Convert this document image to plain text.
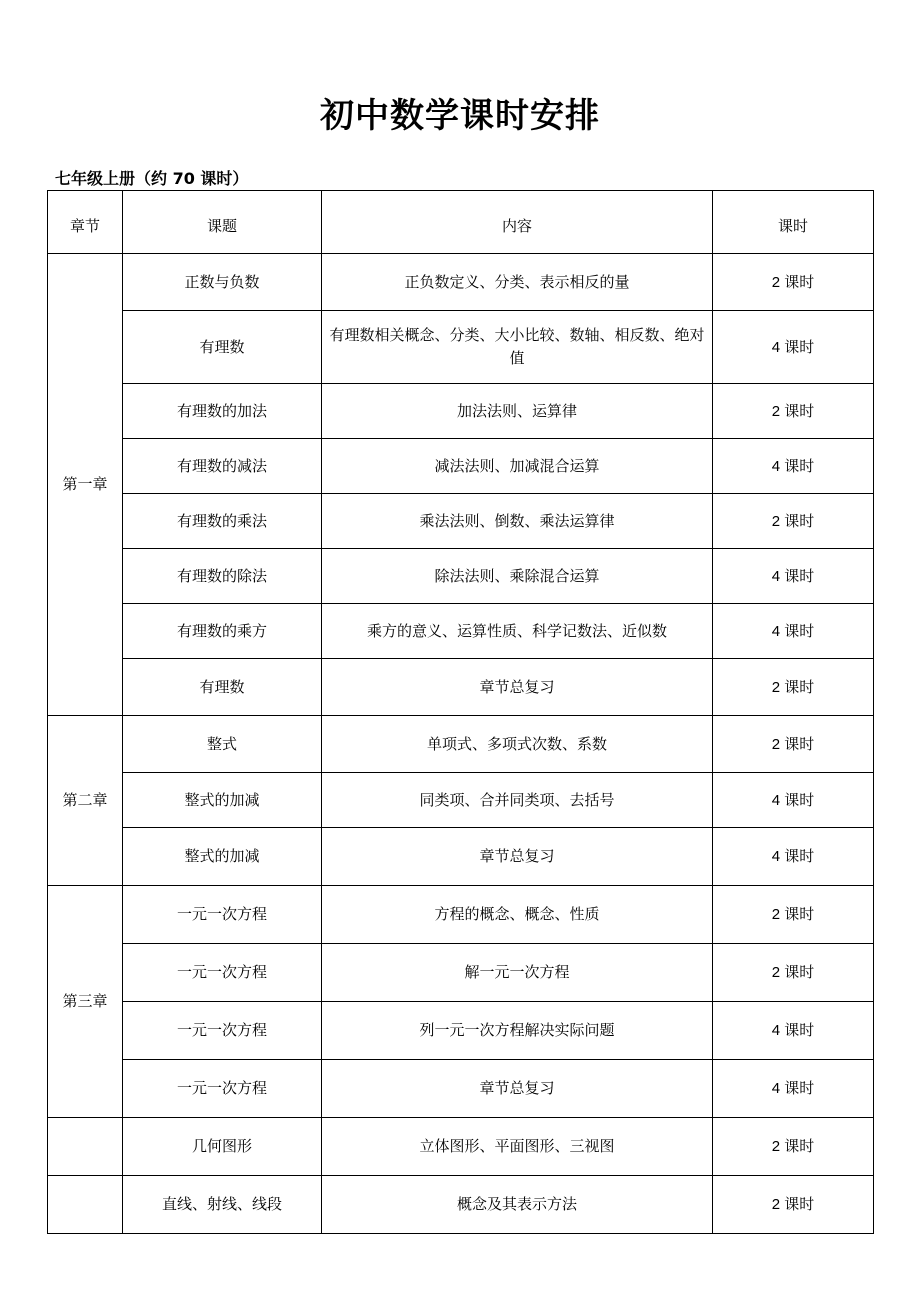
初中数学课时安排
七年级上册（约 70 课时）
章节	课题	内容	课时
第一章	正数与负数	正负数定义、分类、表示相反的量	2 课时
	有理数	有理数相关概念、分类、大小比较、数轴、相反数、绝对值	4 课时
	有理数的加法	加法法则、运算律	2 课时
	有理数的减法	减法法则、加减混合运算	4 课时
	有理数的乘法	乘法法则、倒数、乘法运算律	2 课时
	有理数的除法	除法法则、乘除混合运算	4 课时
	有理数的乘方	乘方的意义、运算性质、科学记数法、近似数	4 课时
	有理数	章节总复习	2 课时
第二章	整式	单项式、多项式次数、系数	2 课时
	整式的加减	同类项、合并同类项、去括号	4 课时
	整式的加减	章节总复习	4 课时
第三章	一元一次方程	方程的概念、概念、性质	2 课时
	一元一次方程	解一元一次方程	2 课时
	一元一次方程	列一元一次方程解决实际问题	4 课时
	一元一次方程	章节总复习	4 课时
	几何图形	立体图形、平面图形、三视图	2 课时
	直线、射线、线段	概念及其表示方法	2 课时
